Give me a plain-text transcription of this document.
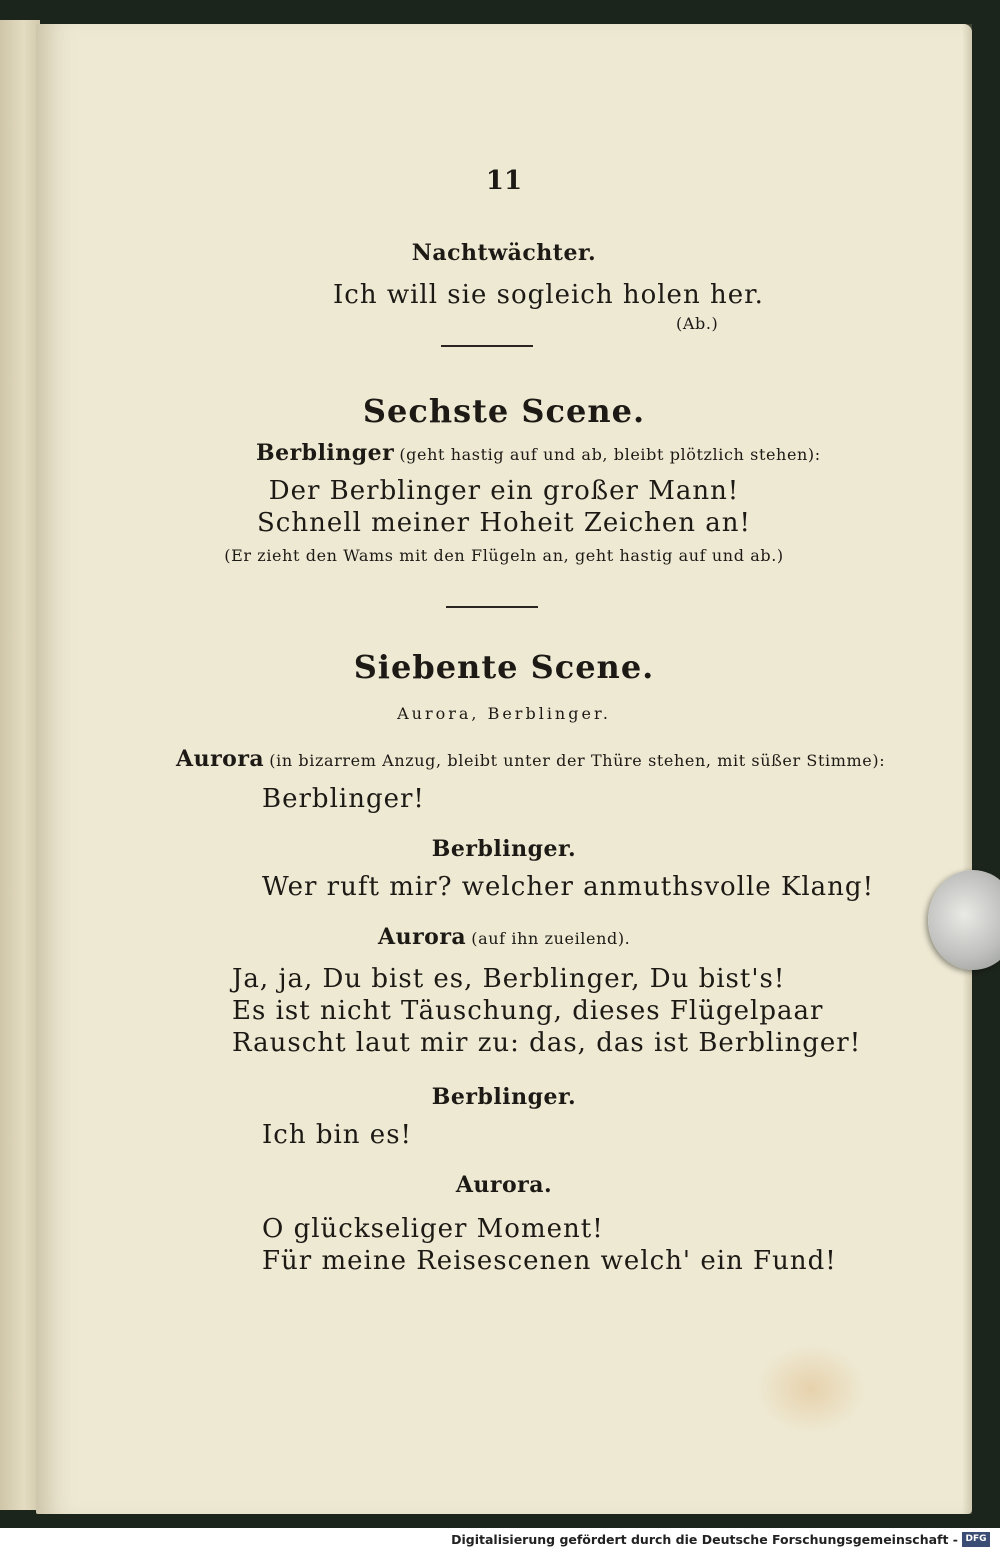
11
Nachtwächter.
Ich will sie sogleich holen her.
(Ab.)
Sechste Scene.
Berblinger (geht hastig auf und ab, bleibt plötzlich stehen):
Der Berblinger ein großer Mann!
Schnell meiner Hoheit Zeichen an!
(Er zieht den Wams mit den Flügeln an, geht hastig auf und ab.)
Siebente Scene.
Aurora, Berblinger.
Aurora (in bizarrem Anzug, bleibt unter der Thüre stehen, mit süßer Stimme):
Berblinger!
Berblinger.
Wer ruft mir? welcher anmuthsvolle Klang!
Aurora (auf ihn zueilend).
Ja, ja, Du bist es, Berblinger, Du bist's!
Es ist nicht Täuschung, dieses Flügelpaar
Rauscht laut mir zu: das, das ist Berblinger!
Berblinger.
Ich bin es!
Aurora.
O glückseliger Moment!
Für meine Reisescenen welch' ein Fund!
Digitalisierung gefördert durch die Deutsche Forschungsgemeinschaft - DFG
